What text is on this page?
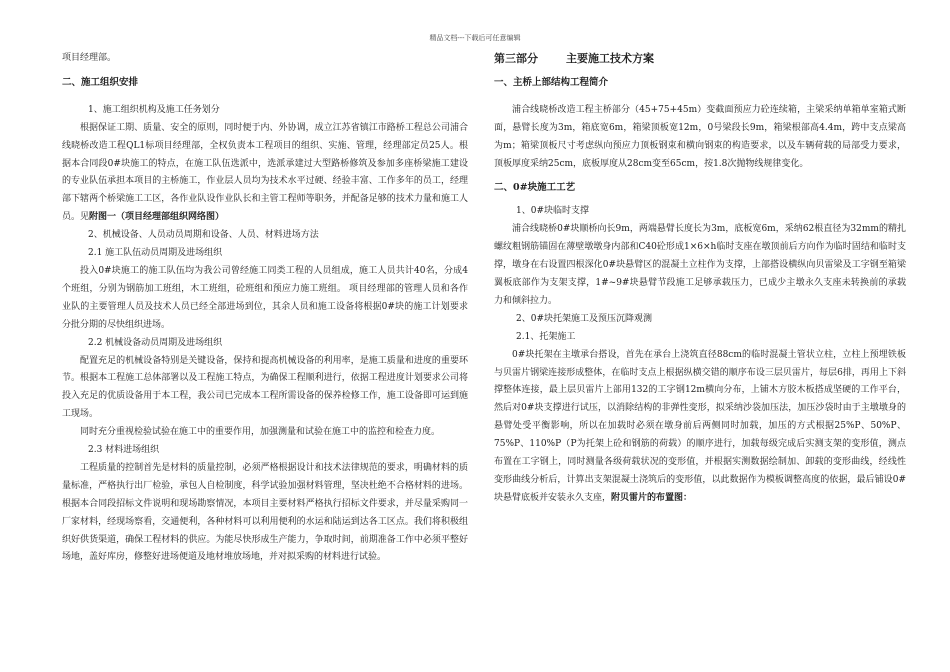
精品文档---下载后可任意编辑

项目经理部。

二、施工组织安排

1、施工组织机构及施工任务划分

根据保证工期、质量、安全的原则，同时便于内、外协调，成立江苏省镇江市路桥工程总公司浦合线晓桥改造工程QL1标项目经理部，全权负责本工程项目的组织、实施、管理，经理部定员25人。根据本合同段0#块施工的特点，在施工队伍选派中，选派承建过大型路桥修筑及参加多座桥梁施工建设的专业队伍承担本项目的主桥施工，作业层人员均为技术水平过硬、经验丰富、工作多年的员工，经理部下辖两个桥梁施工工区，各作业队设作业队长和主管工程师等职务，并配备足够的技术力量和施工人员。见附图一（项目经理部组织网络图）

2、机械设备、人员动员周期和设备、人员、材料进场方法

2.1 施工队伍动员周期及进场组织

投入0#块施工的施工队伍均为我公司曾经施工同类工程的人员组成，施工人员共计40名，分成4个班组，分别为钢筋加工班组，木工班组，砼班组和预应力施工班组。 项目经理部的管理人员和各作业队的主要管理人员及技术人员已经全部进场到位，其余人员和施工设备将根据0#块的施工计划要求分批分期的尽快组织进场。

2.2 机械设备动员周期及进场组织

配置充足的机械设备特别是关键设备，保持和提高机械设备的利用率，是施工质量和进度的重要环节。根据本工程施工总体部署以及工程施工特点，为确保工程顺利进行，依据工程进度计划要求公司将投入充足的优质设备用于本工程，我公司已完成本工程所需设备的保养检修工作，施工设备即可运到施工现场。

同时充分重视检验试验在施工中的重要作用，加强测量和试验在施工中的监控和检查力度。

2.3 材料进场组织

工程质量的控制首先是材料的质量控制，必须严格根据设计和技术法律规范的要求，明确材料的质量标准，严格执行出厂检验，承包人自检制度，科学试验加强材料管理，坚决杜绝不合格材料的进场。根据本合同段招标文件说明和现场勘察情况，本项目主要材料严格执行招标文件要求，并尽量采购同一厂家材料，经现场察看，交通便利，各种材料可以利用便利的水运和陆运到达各工区点。我们将积极组织好供货渠道，确保工程材料的供应。为能尽快形成生产能力，争取时间，前期准备工作中必须平整好场地，盖好库房，修整好进场便道及地材堆放场地，并对拟采购的材料进行试验。

第三部分	主要施工技术方案

一、主桥上部结构工程简介

浦合线晓桥改造工程主桥部分（45+75+45m）变截面预应力砼连续箱，主梁采纳单箱单室箱式断面，悬臂长度为3m，箱底宽6m，箱梁顶板宽12m，0号梁段长9m，箱梁根部高4.4m，跨中支点梁高为m；箱梁顶板尺寸考虑纵向预应力顶板钢束和横向钢束的构造要求，以及车辆荷载的局部受力要求，顶板厚度采纳25cm，底板厚度从28cm变至65cm，按1.8次抛物线规律变化。

二、0#块施工工艺

1、0#块临时支撑

浦合线晓桥0#块顺桥向长9m，两端悬臂长度长为3m，底板宽6m，采纳62根直径为32mm的精扎螺纹粗钢筋锚固在薄壁墩墩身内部和C40砼形成1×6×h临时支座在墩顶前后方向作为临时固结和临时支撑，墩身在右设置四根深化0#块悬臂区的混凝土立柱作为支撑，上部搭设横纵向贝雷梁及工字钢至箱梁翼板底部作为支架支撑，1#~9#块悬臂节段施工足够承载压力，已成少主墩永久支座未转换前的承载力和倾斜拉力。

2、0#块托架施工及预压沉降观测

2.1、托架施工

0#块托架在主墩承台搭设，首先在承台上浇筑直径88cm的临时混凝土管状立柱，立柱上预埋铁板与贝雷片钢梁连接形成整体，在临时支点上根据纵横交错的顺序布设三层贝雷片，每层6排，再用上下斜撑整体连接，最上层贝雷片上部用132的工字钢12m横向分布，上铺木方胶木板搭成坚硬的工作平台，然后对0#块支撑进行试压，以消除结构的非弹性变形，拟采纳沙袋加压法，加压沙袋时由于主墩墩身的悬臂处受平衡影响，所以在加载时必须在墩身前后两侧同时加载，加压的方式根据25%P、50%P、75%P、110%P（P为托架上砼和钢筋的荷载）的顺序进行，加载每级完成后实测支架的变形值，测点布置在工字钢上，同时测量各级荷载状况的变形值，并根据实测数据绘制加、卸载的变形曲线，经线性变形曲线分析后，计算出支架混凝土浇筑后的变形值，以此数据作为模板调整高度的依据，最后铺设0#块悬臂底板并安装永久支座，附贝雷片的布置图：
